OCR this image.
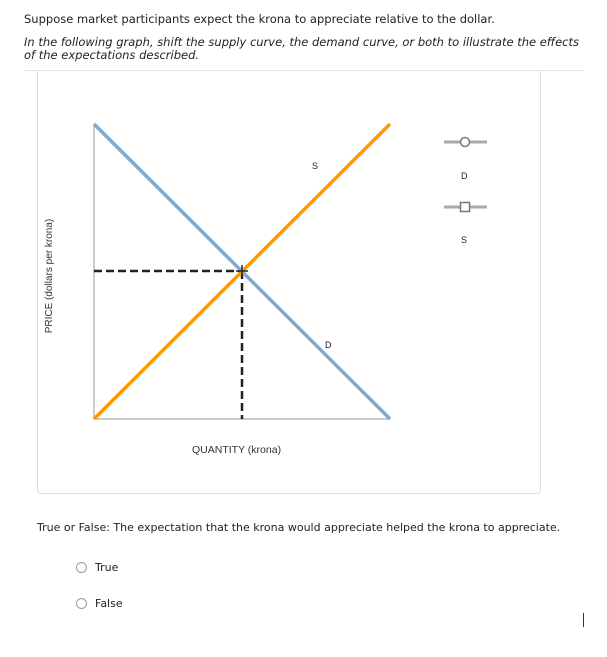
Suppose market participants expect the krona to appreciate relative to the dollar.
In the following graph, shift the supply curve, the demand curve, or both to illustrate the effects of the expectations described.
PRICE (dollars per krona)
QUANTITY (krona)
S
D
D
S
True or False: The expectation that the krona would appreciate helped the krona to appreciate.
True
False
